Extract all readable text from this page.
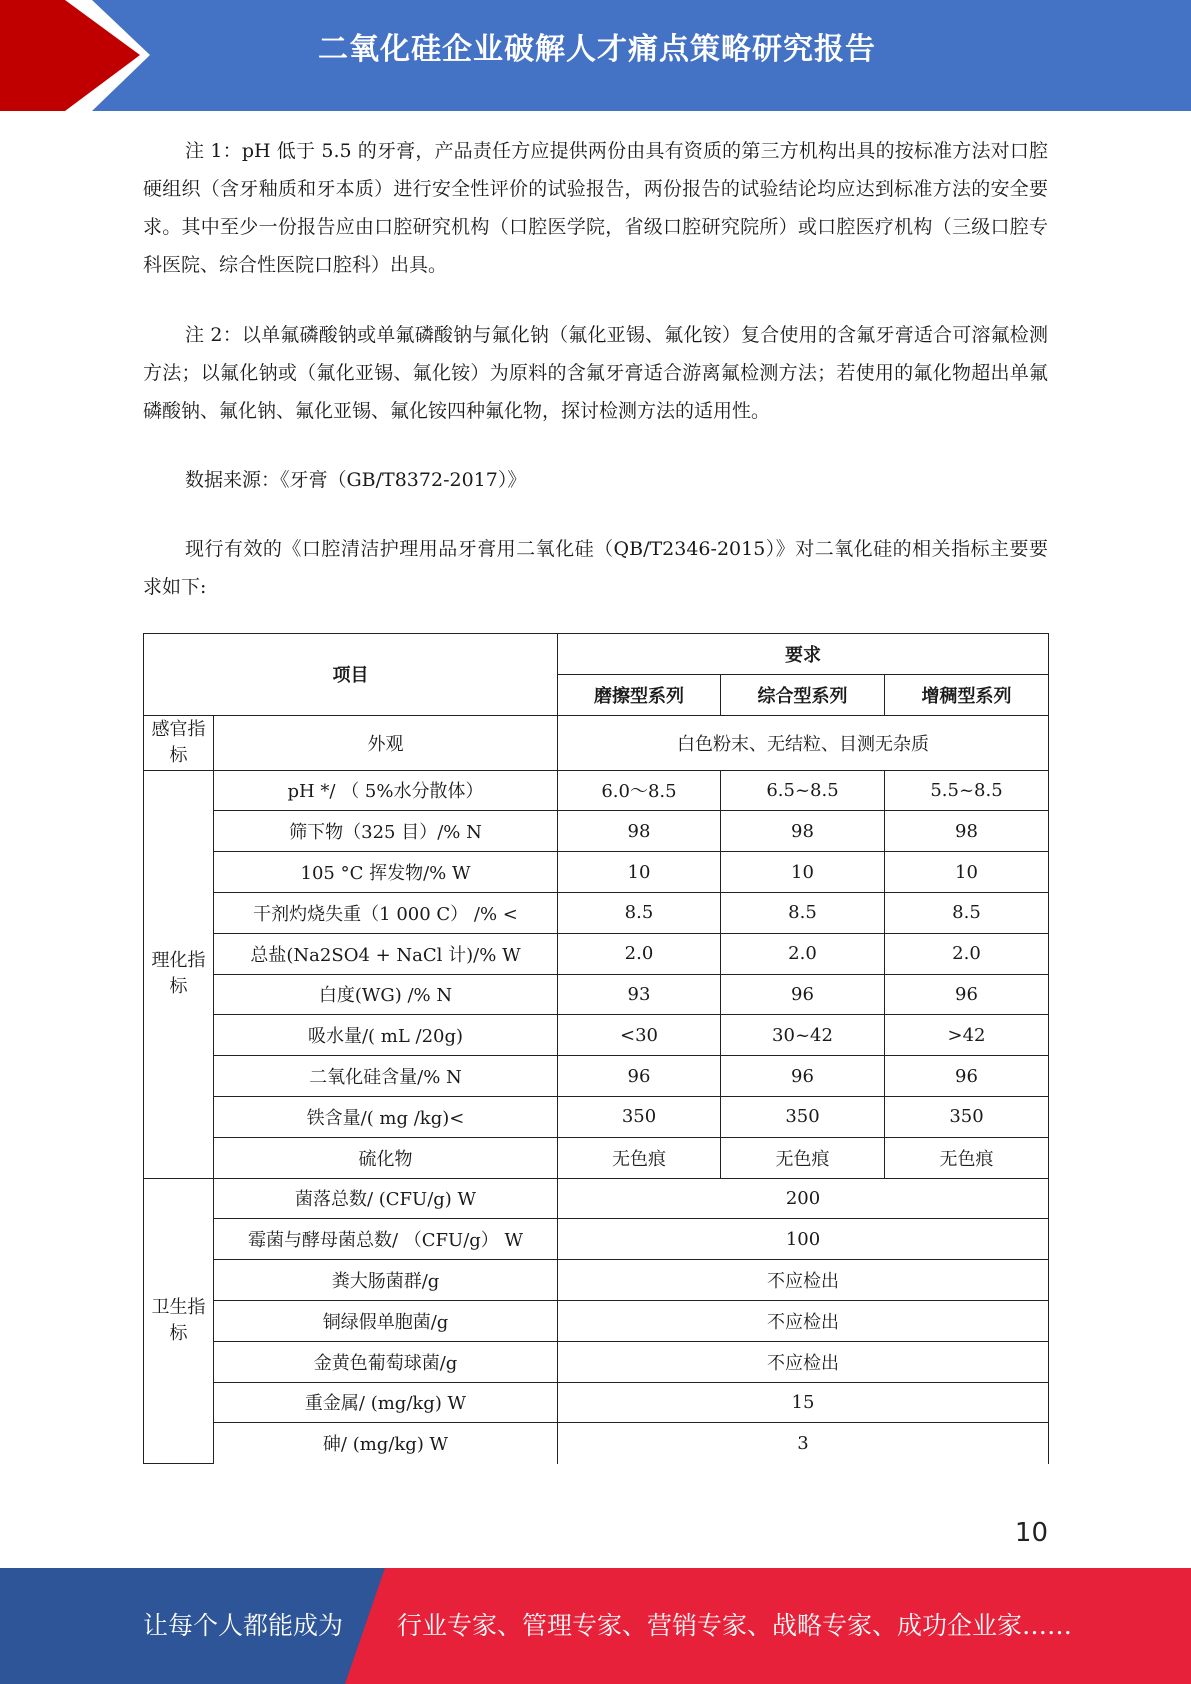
二氧化硅企业破解人才痛点策略研究报告

注 1：pH 低于 5.5 的牙膏，产品责任方应提供两份由具有资质的第三方机构出具的按标准方法对口腔硬组织（含牙釉质和牙本质）进行安全性评价的试验报告，两份报告的试验结论均应达到标准方法的安全要求。其中至少一份报告应由口腔研究机构（口腔医学院，省级口腔研究院所）或口腔医疗机构（三级口腔专科医院、综合性医院口腔科）出具。

注 2：以单氟磷酸钠或单氟磷酸钠与氟化钠（氟化亚锡、氟化铵）复合使用的含氟牙膏适合可溶氟检测方法；以氟化钠或（氟化亚锡、氟化铵）为原料的含氟牙膏适合游离氟检测方法；若使用的氟化物超出单氟磷酸钠、氟化钠、氟化亚锡、氟化铵四种氟化物，探讨检测方法的适用性。

数据来源：《牙膏（GB/T8372-2017）》

现行有效的《口腔清洁护理用品牙膏用二氧化硅（QB/T2346-2015）》对二氧化硅的相关指标主要要求如下:

项目		要求		
		磨擦型系列	综合型系列	增稠型系列
感官指标	外观	白色粉末、无结粒、目测无杂质		
理化指标	pH */ （ 5%水分散体）	6.0〜8.5	6.5~8.5	5.5~8.5
	筛下物（325 目）/% N	98	98	98
	105 °C 挥发物/% W	10	10	10
	干剂灼烧失重（1 000 C） /% <	8.5	8.5	8.5
	总盐(Na2SO4 + NaCl 计)/% W	2.0	2.0	2.0
	白度(WG) /% N	93	96	96
	吸水量/( mL /20g)	<30	30~42	>42
	二氧化硅含量/% N	96	96	96
	铁含量/( mg /kg)<	350	350	350
	硫化物	无色痕	无色痕	无色痕
卫生指标	菌落总数/ (CFU/g) W	200		
	霉菌与酵母菌总数/ （CFU/g） W	100		
	粪大肠菌群/g	不应检出		
	铜绿假单胞菌/g	不应检出		
	金黄色葡萄球菌/g	不应检出		
	重金属/ (mg/kg) W	15		
	砷/ (mg/kg) W	3		
10
让每个人都能成为 行业专家、管理专家、营销专家、战略专家、成功企业家……
